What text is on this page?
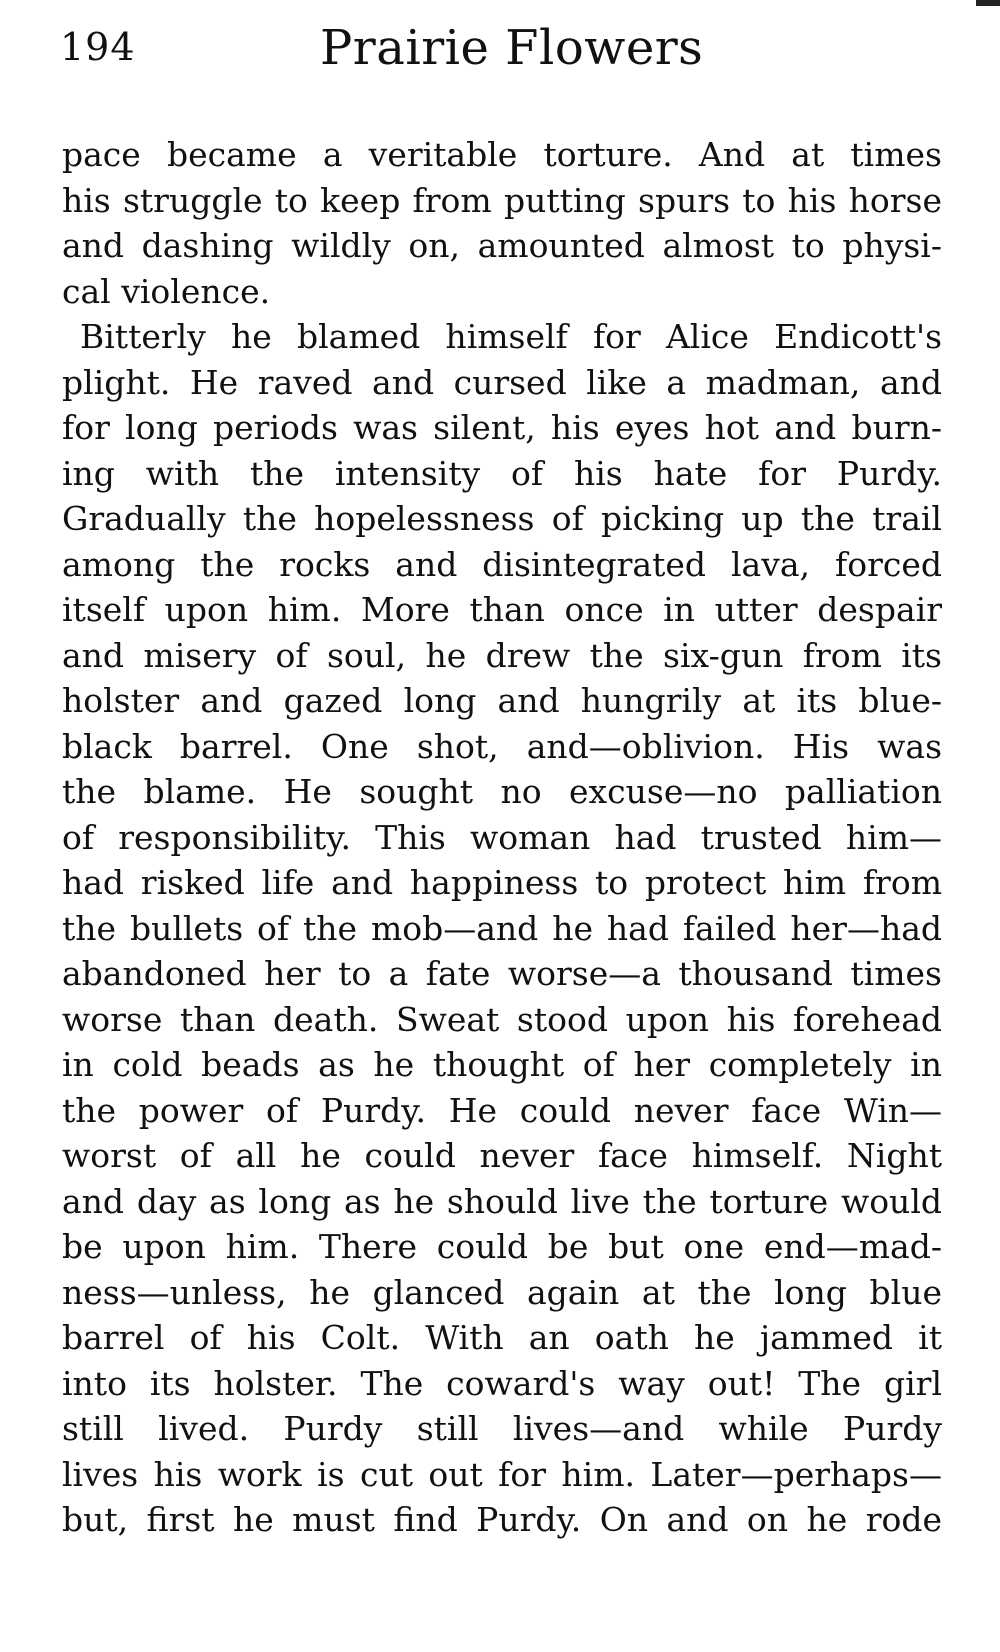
194	Prairie Flowers
pace became a veritable torture. And at times
his struggle to keep from putting spurs to his horse
and dashing wildly on, amounted almost to physi-
cal violence.
Bitterly he blamed himself for Alice Endicott's
plight. He raved and cursed like a madman, and
for long periods was silent, his eyes hot and burn-
ing with the intensity of his hate for Purdy.
Gradually the hopelessness of picking up the trail
among the rocks and disintegrated lava, forced
itself upon him. More than once in utter despair
and misery of soul, he drew the six-gun from its
holster and gazed long and hungrily at its blue-
black barrel. One shot, and—oblivion. His was
the blame. He sought no excuse—no palliation
of responsibility. This woman had trusted him—
had risked life and happiness to protect him from
the bullets of the mob—and he had failed her—had
abandoned her to a fate worse—a thousand times
worse than death. Sweat stood upon his forehead
in cold beads as he thought of her completely in
the power of Purdy. He could never face Win—
worst of all he could never face himself. Night
and day as long as he should live the torture would
be upon him. There could be but one end—mad-
ness—unless, he glanced again at the long blue
barrel of his Colt. With an oath he jammed it
into its holster. The coward's way out! The girl
still lived. Purdy still lives—and while Purdy
lives his work is cut out for him. Later—perhaps—
but, first he must find Purdy. On and on he rode
